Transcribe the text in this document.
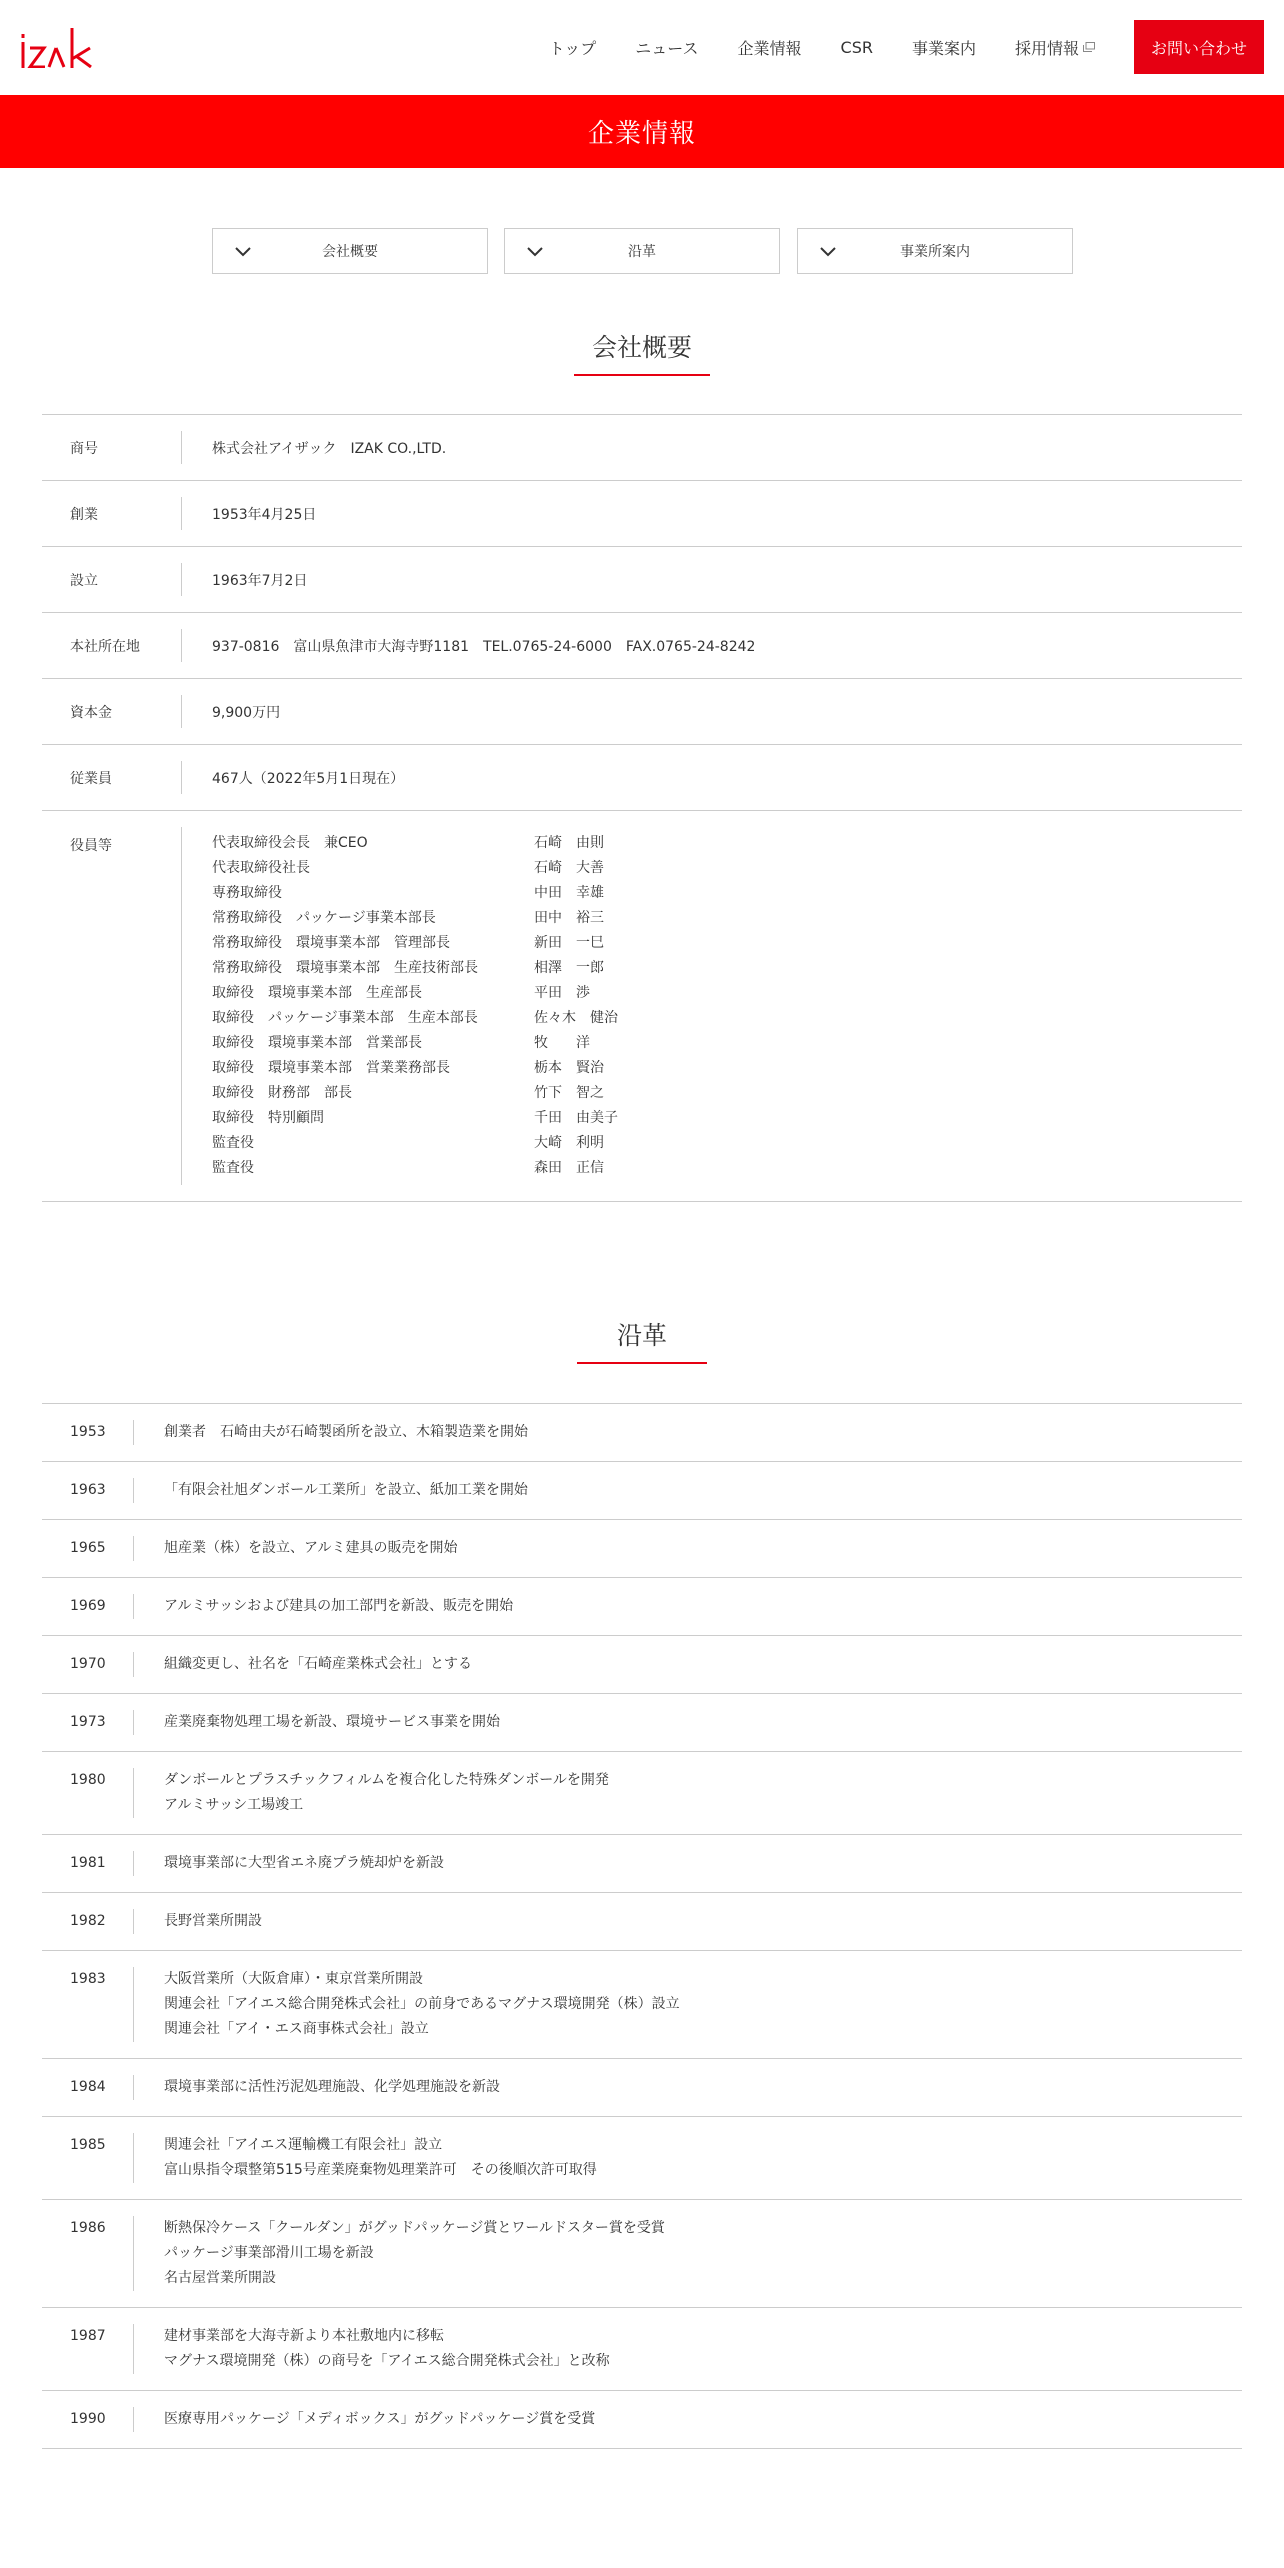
トップ ニュース 企業情報 CSR 事業案内 採用情報	お問い合わせ
企業情報
会社概要	沿革	事業所案内
会社概要
商号	株式会社アイザック　IZAK CO.,LTD.
創業	1953年4月25日
設立	1963年7月2日
本社所在地	937-0816　富山県魚津市大海寺野1181　TEL.0765-24-6000　FAX.0765-24-8242
資本金	9,900万円
従業員	467人（2022年5月1日現在）
役員等	代表取締役会長　兼CEO	石崎　由則
代表取締役社長	石崎　大善
専務取締役	中田　幸雄
常務取締役　パッケージ事業本部長	田中　裕三
常務取締役　環境事業本部　管理部長	新田　一巳
常務取締役　環境事業本部　生産技術部長	相澤　一郎
取締役　環境事業本部　生産部長	平田　渉
取締役　パッケージ事業本部　生産本部長	佐々木　健治
取締役　環境事業本部　営業部長	牧　　洋
取締役　環境事業本部　営業業務部長	栃本　賢治
取締役　財務部　部長	竹下　智之
取締役　特別顧問	千田　由美子
監査役	大崎　利明
監査役	森田　正信
沿革
1953	創業者　石崎由夫が石崎製函所を設立、木箱製造業を開始
1963	「有限会社旭ダンボール工業所」を設立、紙加工業を開始
1965	旭産業（株）を設立、アルミ建具の販売を開始
1969	アルミサッシおよび建具の加工部門を新設、販売を開始
1970	組織変更し、社名を「石崎産業株式会社」とする
1973	産業廃棄物処理工場を新設、環境サービス事業を開始
1980	ダンボールとプラスチックフィルムを複合化した特殊ダンボールを開発
アルミサッシ工場竣工
1981	環境事業部に大型省エネ廃プラ焼却炉を新設
1982	長野営業所開設
1983	大阪営業所（大阪倉庫）・東京営業所開設
関連会社「アイエス総合開発株式会社」の前身であるマグナス環境開発（株）設立
関連会社「アイ・エス商事株式会社」設立
1984	環境事業部に活性汚泥処理施設、化学処理施設を新設
1985	関連会社「アイエス運輸機工有限会社」設立
富山県指令環整第515号産業廃棄物処理業許可　その後順次許可取得
1986	断熱保冷ケース「クールダン」がグッドパッケージ賞とワールドスター賞を受賞
パッケージ事業部滑川工場を新設
名古屋営業所開設
1987	建材事業部を大海寺新より本社敷地内に移転
マグナス環境開発（株）の商号を「アイエス総合開発株式会社」と改称
1990	医療専用パッケージ「メディボックス」がグッドパッケージ賞を受賞
